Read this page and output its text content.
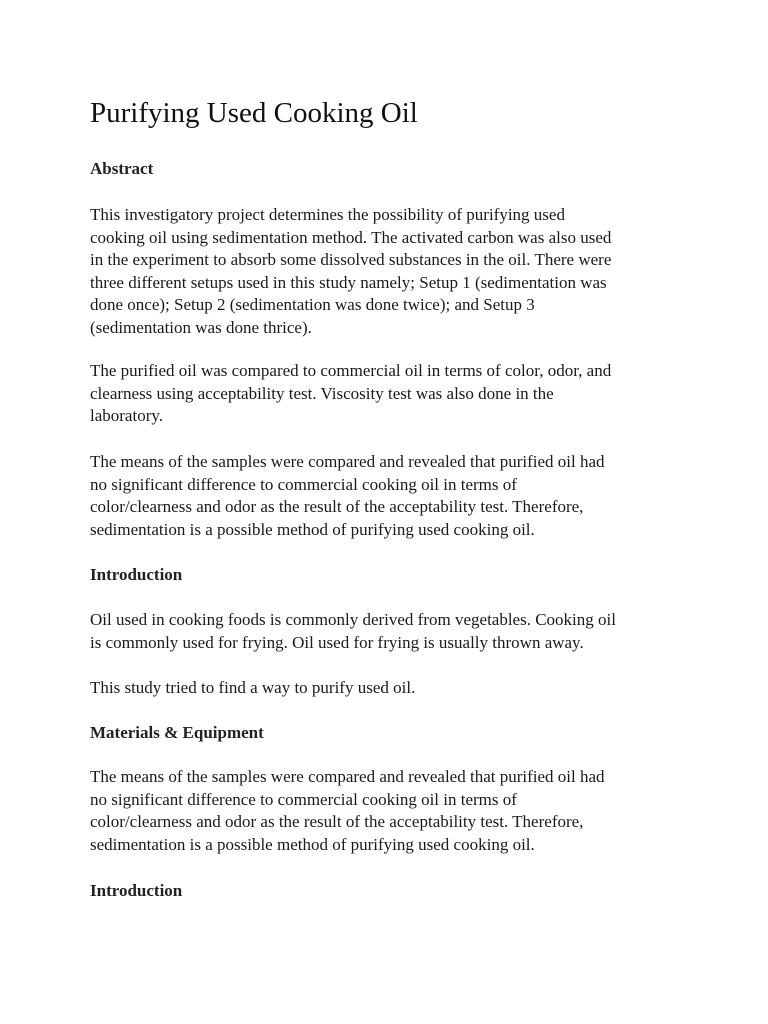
Purifying Used Cooking Oil
Abstract

This investigatory project determines the possibility of purifying used
cooking oil using sedimentation method. The activated carbon was also used
in the experiment to absorb some dissolved substances in the oil. There were
three different setups used in this study namely; Setup 1 (sedimentation was
done once); Setup 2 (sedimentation was done twice); and Setup 3
(sedimentation was done thrice).

The purified oil was compared to commercial oil in terms of color, odor, and
clearness using acceptability test. Viscosity test was also done in the
laboratory.

The means of the samples were compared and revealed that purified oil had
no significant difference to commercial cooking oil in terms of
color/clearness and odor as the result of the acceptability test. Therefore,
sedimentation is a possible method of purifying used cooking oil.

Introduction

Oil used in cooking foods is commonly derived from vegetables. Cooking oil
is commonly used for frying. Oil used for frying is usually thrown away.

This study tried to find a way to purify used oil.

Materials & Equipment

The means of the samples were compared and revealed that purified oil had
no significant difference to commercial cooking oil in terms of
color/clearness and odor as the result of the acceptability test. Therefore,
sedimentation is a possible method of purifying used cooking oil.

Introduction
